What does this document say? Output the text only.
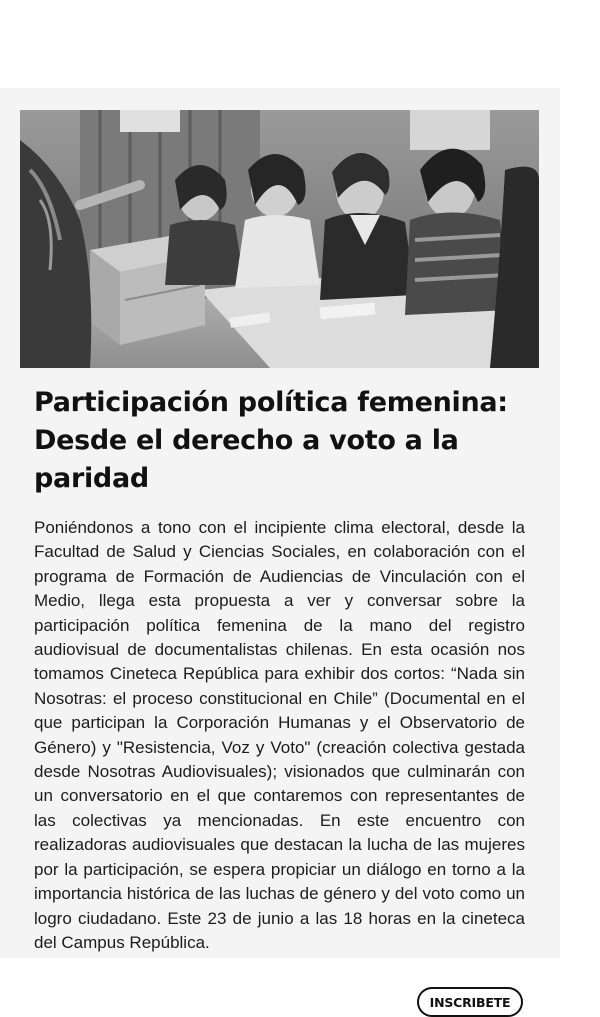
Participación política femenina: Desde el derecho a voto a la paridad

Poniéndonos a tono con el incipiente clima electoral, desde la Facultad de Salud y Ciencias Sociales, en colaboración con el programa de Formación de Audiencias de Vinculación con el Medio, llega esta propuesta a ver y conversar sobre la participación política femenina de la mano del registro audiovisual de documentalistas chilenas. En esta ocasión nos tomamos Cineteca República para exhibir dos cortos: “Nada sin Nosotras: el proceso constitucional en Chile” (Documental en el que participan la Corporación Humanas y el Observatorio de Género) y "Resistencia, Voz y Voto" (creación colectiva gestada desde Nosotras Audiovisuales); visionados que culminarán con un conversatorio en el que contaremos con representantes de las colectivas ya mencionadas. En este encuentro con realizadoras audiovisuales que destacan la lucha de las mujeres por la participación, se espera propiciar un diálogo en torno a la importancia histórica de las luchas de género y del voto como un logro ciudadano. Este 23 de junio a las 18 horas en la cineteca del Campus República.

INSCRIBETE
